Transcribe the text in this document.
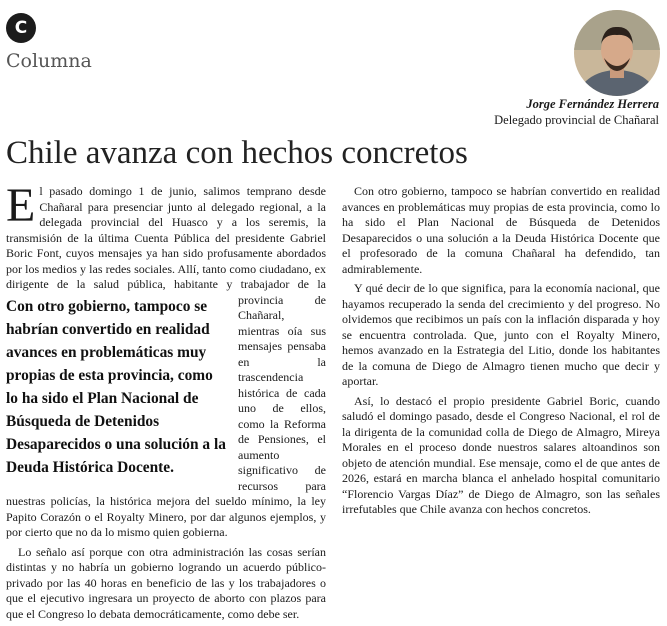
C
Columna
Jorge Fernández Herrera
Delegado provincial de Chañaral
Chile avanza con hechos concretos

El pasado domingo 1 de junio, salimos temprano desde Chañaral para presenciar junto al delegado regional, a la delegada provincial del Huasco y a los seremis, la transmisión de la última Cuenta Pública del presidente Gabriel Boric Font, cuyos mensajes ya han sido profusamente abordados por los medios y las redes sociales. Allí, tanto como ciudadano, ex dirigente de la salud pública,
Con otro gobierno, tampoco se habrían convertido en realidad avances en problemáticas muy propias de esta provincia, como lo ha sido el Plan Nacional de Búsqueda de Detenidos Desaparecidos o una solución a la Deuda Histórica Docente.
habitante y trabajador de la provincia de Chañaral, mientras oía sus mensajes pensaba en la trascendencia histórica de cada uno de ellos, como la Reforma de Pensiones, el aumento significativo de recursos para nuestras policías, la histórica mejora del sueldo mínimo, la ley Papito Corazón o el Royalty Minero, por dar algunos ejemplos, y por cierto que no da lo mismo quien gobierna.

Lo señalo así porque con otra administración las cosas serían distintas y no habría un gobierno logrando un acuerdo público-privado por las 40 horas en beneficio de las y los trabajadores o que el ejecutivo ingresara un proyecto de aborto con plazos para que el Congreso lo debata democráticamente, como debe ser.

Con otro gobierno, tampoco se habrían convertido en realidad avances en problemáticas muy propias de esta provincia, como lo ha sido el Plan Nacional de Búsqueda de Detenidos Desaparecidos o una solución a la Deuda Histórica Docente que el profesorado de la comuna Chañaral ha defendido, tan admirablemente.

Y qué decir de lo que significa, para la economía nacional, que hayamos recuperado la senda del crecimiento y del progreso. No olvidemos que recibimos un país con la inflación disparada y hoy se encuentra controlada. Que, junto con el Royalty Minero, hemos avanzado en la Estrategia del Litio, donde los habitantes de la comuna de Diego de Almagro tienen mucho que decir y aportar.

Así, lo destacó el propio presidente Gabriel Boric, cuando saludó el domingo pasado, desde el Congreso Nacional, el rol de la dirigenta de la comunidad colla de Diego de Almagro, Mireya Morales en el proceso donde nuestros salares altoandinos son objeto de atención mundial. Ese mensaje, como el de que antes de 2026, estará en marcha blanca el anhelado hospital comunitario “Florencio Vargas Díaz” de Diego de Almagro, son las señales irrefutables que Chile avanza con hechos concretos.
